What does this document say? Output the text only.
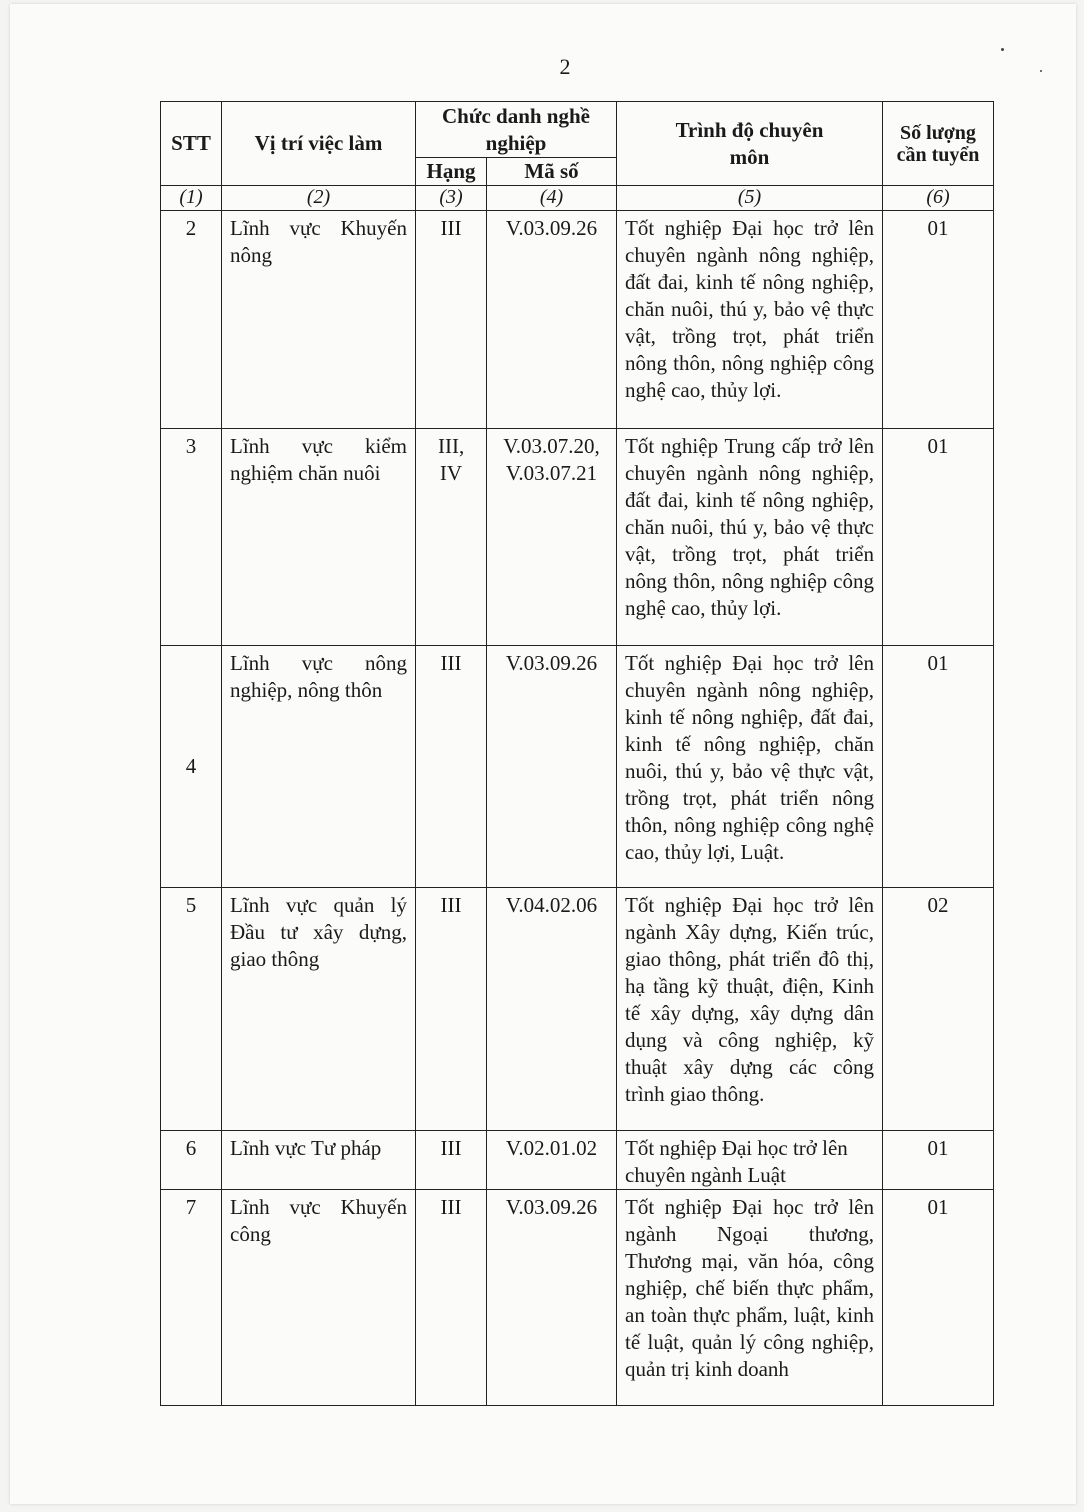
2
STT	Vị trí việc làm	Chức danh nghề nghiệp		Trình độ chuyên môn	Số lượng cần tuyển
		Hạng	Mã số		
(1)	(2)	(3)	(4)	(5)	(6)

2	Lĩnh vực Khuyến nông	III	V.03.09.26	Tốt nghiệp Đại học trở lên chuyên ngành nông nghiệp, đất đai, kinh tế nông nghiệp, chăn nuôi, thú y, bảo vệ thực vật, trồng trọt, phát triển nông thôn, nông nghiệp công nghệ cao, thủy lợi.	01

3	Lĩnh vực kiểm nghiệm chăn nuôi	III, IV	V.03.07.20, V.03.07.21	Tốt nghiệp Trung cấp trở lên chuyên ngành nông nghiệp, đất đai, kinh tế nông nghiệp, chăn nuôi, thú y, bảo vệ thực vật, trồng trọt, phát triển nông thôn, nông nghiệp công nghệ cao, thủy lợi.	01

4	Lĩnh vực nông nghiệp, nông thôn	III	V.03.09.26	Tốt nghiệp Đại học trở lên chuyên ngành nông nghiệp, kinh tế nông nghiệp, đất đai, kinh tế nông nghiệp, chăn nuôi, thú y, bảo vệ thực vật, trồng trọt, phát triển nông thôn, nông nghiệp công nghệ cao, thủy lợi, Luật.	01

5	Lĩnh vực quản lý Đầu tư xây dựng, giao thông	III	V.04.02.06	Tốt nghiệp Đại học trở lên ngành Xây dựng, Kiến trúc, giao thông, phát triển đô thị, hạ tầng kỹ thuật, điện, Kinh tế xây dựng, xây dựng dân dụng và công nghiệp, kỹ thuật xây dựng các công trình giao thông.	02

6	Lĩnh vực Tư pháp	III	V.02.01.02	Tốt nghiệp Đại học trở lên chuyên ngành Luật	01

7	Lĩnh vực Khuyến công	III	V.03.09.26	Tốt nghiệp Đại học trở lên ngành Ngoại thương, Thương mại, văn hóa, công nghiệp, chế biến thực phẩm, an toàn thực phẩm, luật, kinh tế luật, quản lý công nghiệp, quản trị kinh doanh	01
